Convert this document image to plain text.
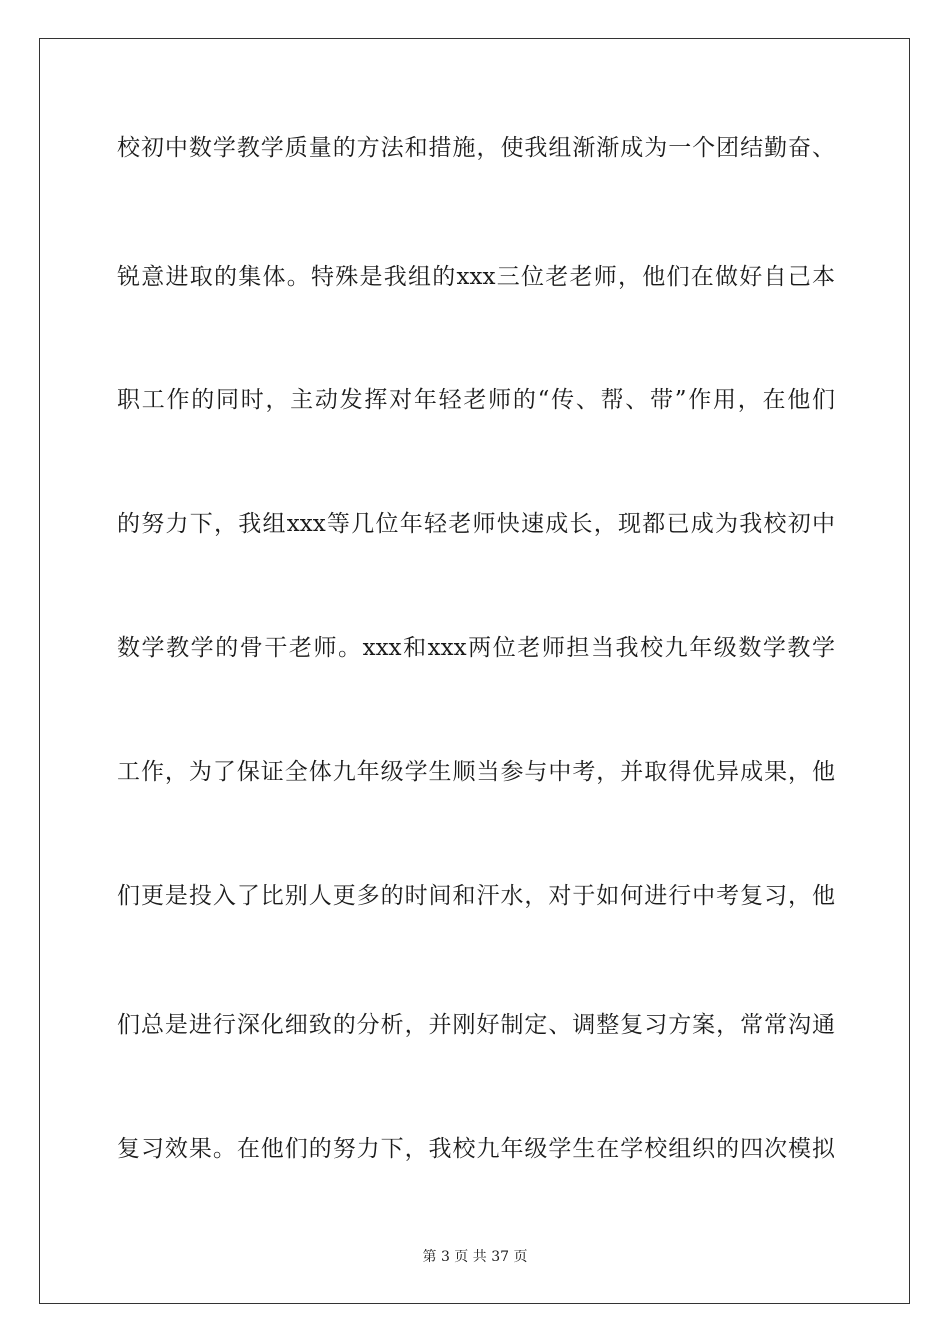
校初中数学教学质量的方法和措施，使我组渐渐成为一个团结勤奋、
锐意进取的集体。特殊是我组的xxx三位老老师，他们在做好自己本
职工作的同时，主动发挥对年轻老师的“传、帮、带”作用，在他们
的努力下，我组xxx等几位年轻老师快速成长，现都已成为我校初中
数学教学的骨干老师。xxx和xxx两位老师担当我校九年级数学教学
工作，为了保证全体九年级学生顺当参与中考，并取得优异成果，他
们更是投入了比别人更多的时间和汗水，对于如何进行中考复习，他
们总是进行深化细致的分析，并刚好制定、调整复习方案，常常沟通
复习效果。在他们的努力下，我校九年级学生在学校组织的四次模拟
第 3 页 共 37 页
